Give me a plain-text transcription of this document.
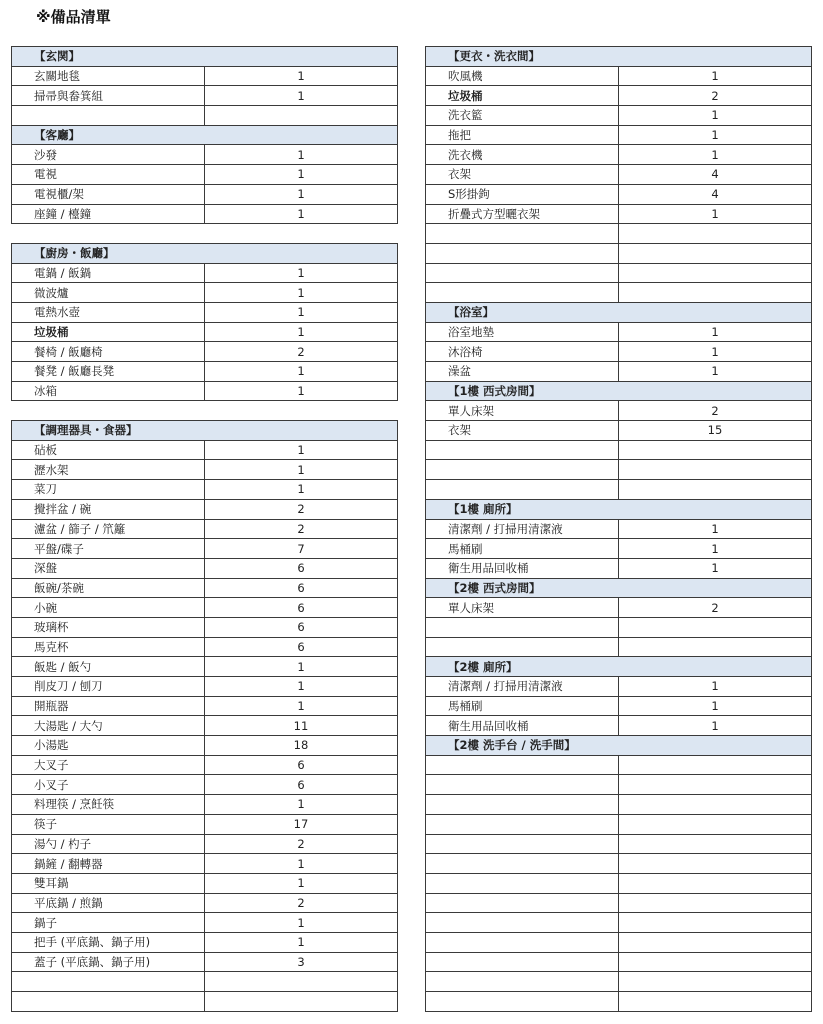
※備品清單
【玄関】	
玄關地毯	1
掃帚與畚箕組	1

【客廳】	
沙發	1
電視	1
電視櫃/架	1
座鐘 / 檯鐘	1

【廚房・飯廳】	
電鍋 / 飯鍋	1
微波爐	1
電熱水壺	1
垃圾桶	1
餐椅 / 飯廳椅	2
餐凳 / 飯廳長凳	1
冰箱	1

【調理器具・食器】	
砧板	1
瀝水架	1
菜刀	1
攪拌盆 / 碗	2
濾盆 / 篩子 / 笊籬	2
平盤/碟子	7
深盤	6
飯碗/茶碗	6
小碗	6
玻璃杯	6
馬克杯	6
飯匙 / 飯勺	1
削皮刀 / 刨刀	1
開瓶器	1
大湯匙 / 大勺	11
小湯匙	18
大叉子	6
小叉子	6
料理筷 / 烹飪筷	1
筷子	17
湯勺 / 杓子	2
鍋鏟 / 翻轉器	1
雙耳鍋	1
平底鍋 / 煎鍋	2
鍋子	1
把手 (平底鍋、鍋子用)	1
蓋子 (平底鍋、鍋子用)	3

【更衣・洗衣間】	
吹風機	1
垃圾桶	2
洗衣籃	1
拖把	1
洗衣機	1
衣架	4
S形掛鉤	4
折疊式方型曬衣架	1

【浴室】	
浴室地墊	1
沐浴椅	1
澡盆	1
【1樓 西式房間】	
單人床架	2
衣架	15

【1樓 廁所】	
清潔劑 / 打掃用清潔液	1
馬桶刷	1
衛生用品回收桶	1
【2樓 西式房間】	
單人床架	2

【2樓 廁所】	
清潔劑 / 打掃用清潔液	1
馬桶刷	1
衛生用品回收桶	1
【2樓 洗手台 / 洗手間】	
